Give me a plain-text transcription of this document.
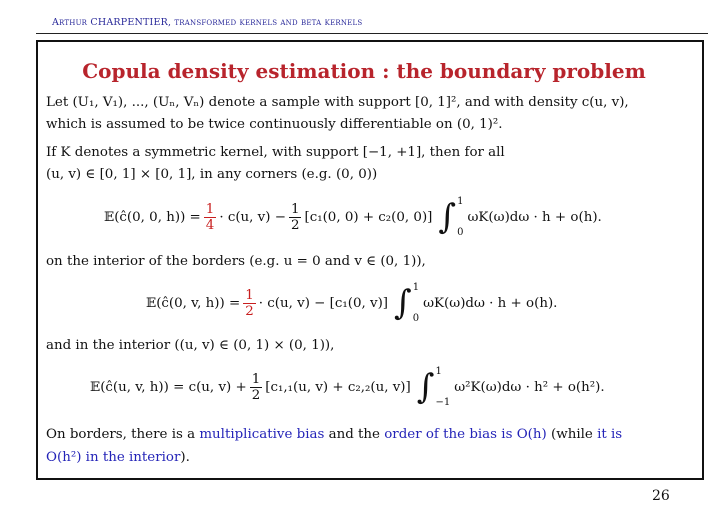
Arthur CHARPENTIER, transformed kernels and beta kernels
Copula density estimation : the boundary problem
Let (U₁, V₁), ..., (Uₙ, Vₙ) denote a sample with support [0, 1]², and with density c(u, v),
which is assumed to be twice continuously differentiable on (0, 1)².
If K denotes a symmetric kernel, with support [−1, +1], then for all
(u, v) ∈ [0, 1] × [0, 1], in any corners (e.g. (0, 0))
𝔼(ĉ(0, 0, $h)) = \frac{1}{4} \cdot c(u$, $v) - \frac{1}{2} [c_1(0$, 0) + c₂(0, 0)] ∫ 1
0
ωK(ω)dω · h + o(h).
on the interior of the borders (e.g. u = 0 and v ∈ (0, 1)),
𝔼(ĉ(0, v, $h)) = \frac{1}{2} \cdot c(u$, v) − [c₁(0, v)] ∫ 1
0
ωK(ω)dω · h + o(h).
and in the interior ((u, v) ∈ (0, 1) × (0, 1)),
𝔼(ĉ(u, v, h)) = c(u, $v) + \frac{1}{2} [c_1,_1(u$, v) + c₂,₂(u, v)] ∫ 1
−1
ω²K(ω)dω · h² + o(h²).
On borders, there is a multiplicative bias and the order of the bias is O(h) (while it is
O(h²) in the interior).
26
